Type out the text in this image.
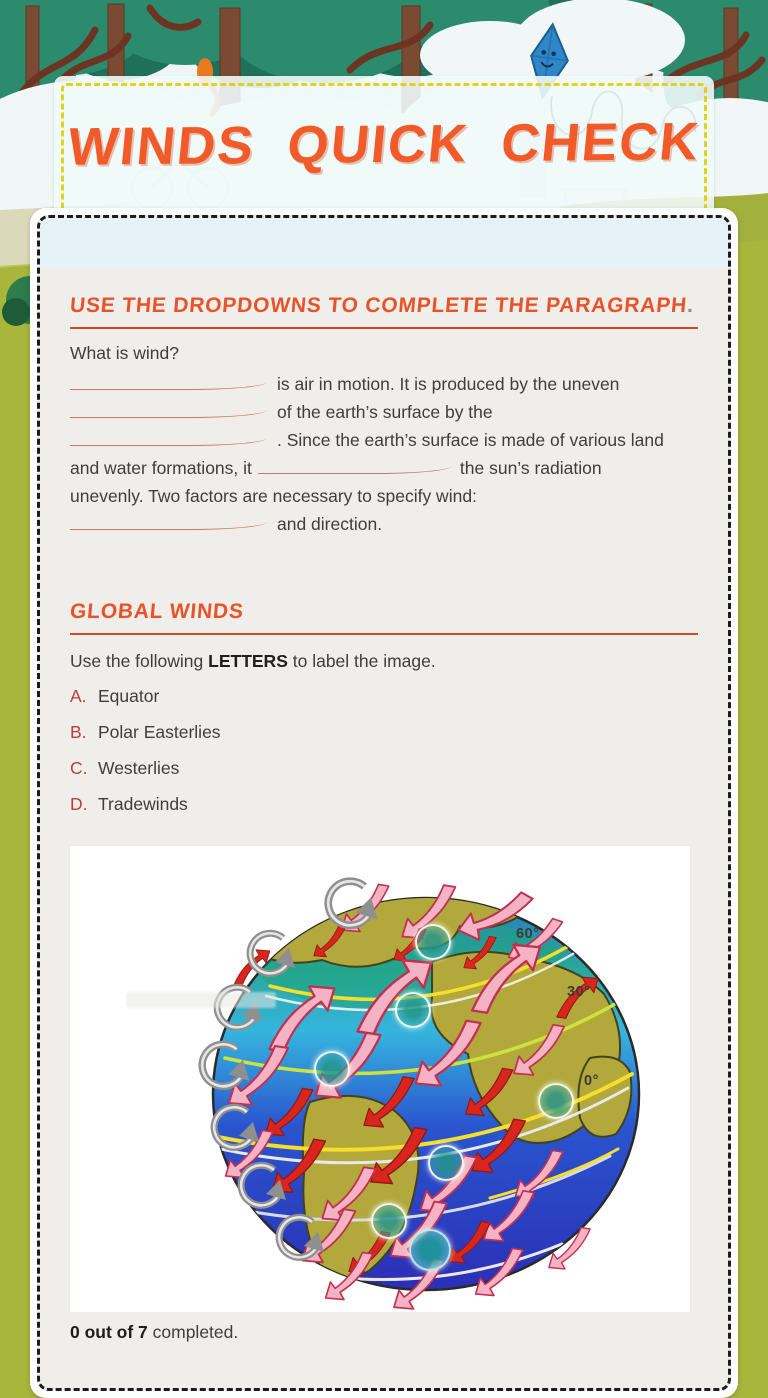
WINDS QUICK CHECK
USE THE DROPDOWNS TO COMPLETE THE PARAGRAPH.
What is wind?
is air in motion. It is produced by the uneven
of the earth’s surface by the
. Since the earth’s surface is made of various land
and water formations, it	the sun’s radiation
unevenly. Two factors are necessary to specify wind:
and direction.
GLOBAL WINDS
Use the following LETTERS to label the image.
A. Equator
B. Polar Easterlies
C. Westerlies
D. Tradewinds
60°
30°
0°
0 out of 7 completed.
